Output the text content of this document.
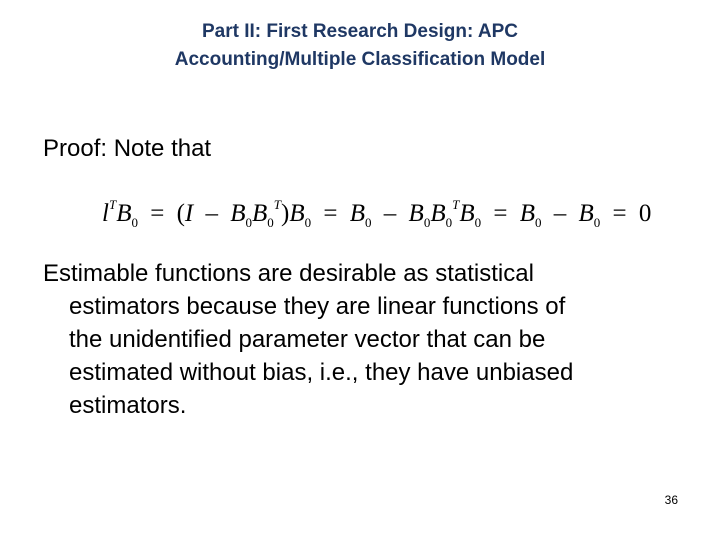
Part II: First Research Design: APC
Accounting/Multiple Classification Model
Proof: Note that
$l^TB_0 = (I - B_0B_0^T)B_0 = B_0 - B_0B_0^TB_0 = B_0 - B_0 = 0$
Estimable functions are desirable as statistical
estimators because they are linear functions of
the unidentified parameter vector that can be
estimated without bias, i.e., they have unbiased
estimators.
36
